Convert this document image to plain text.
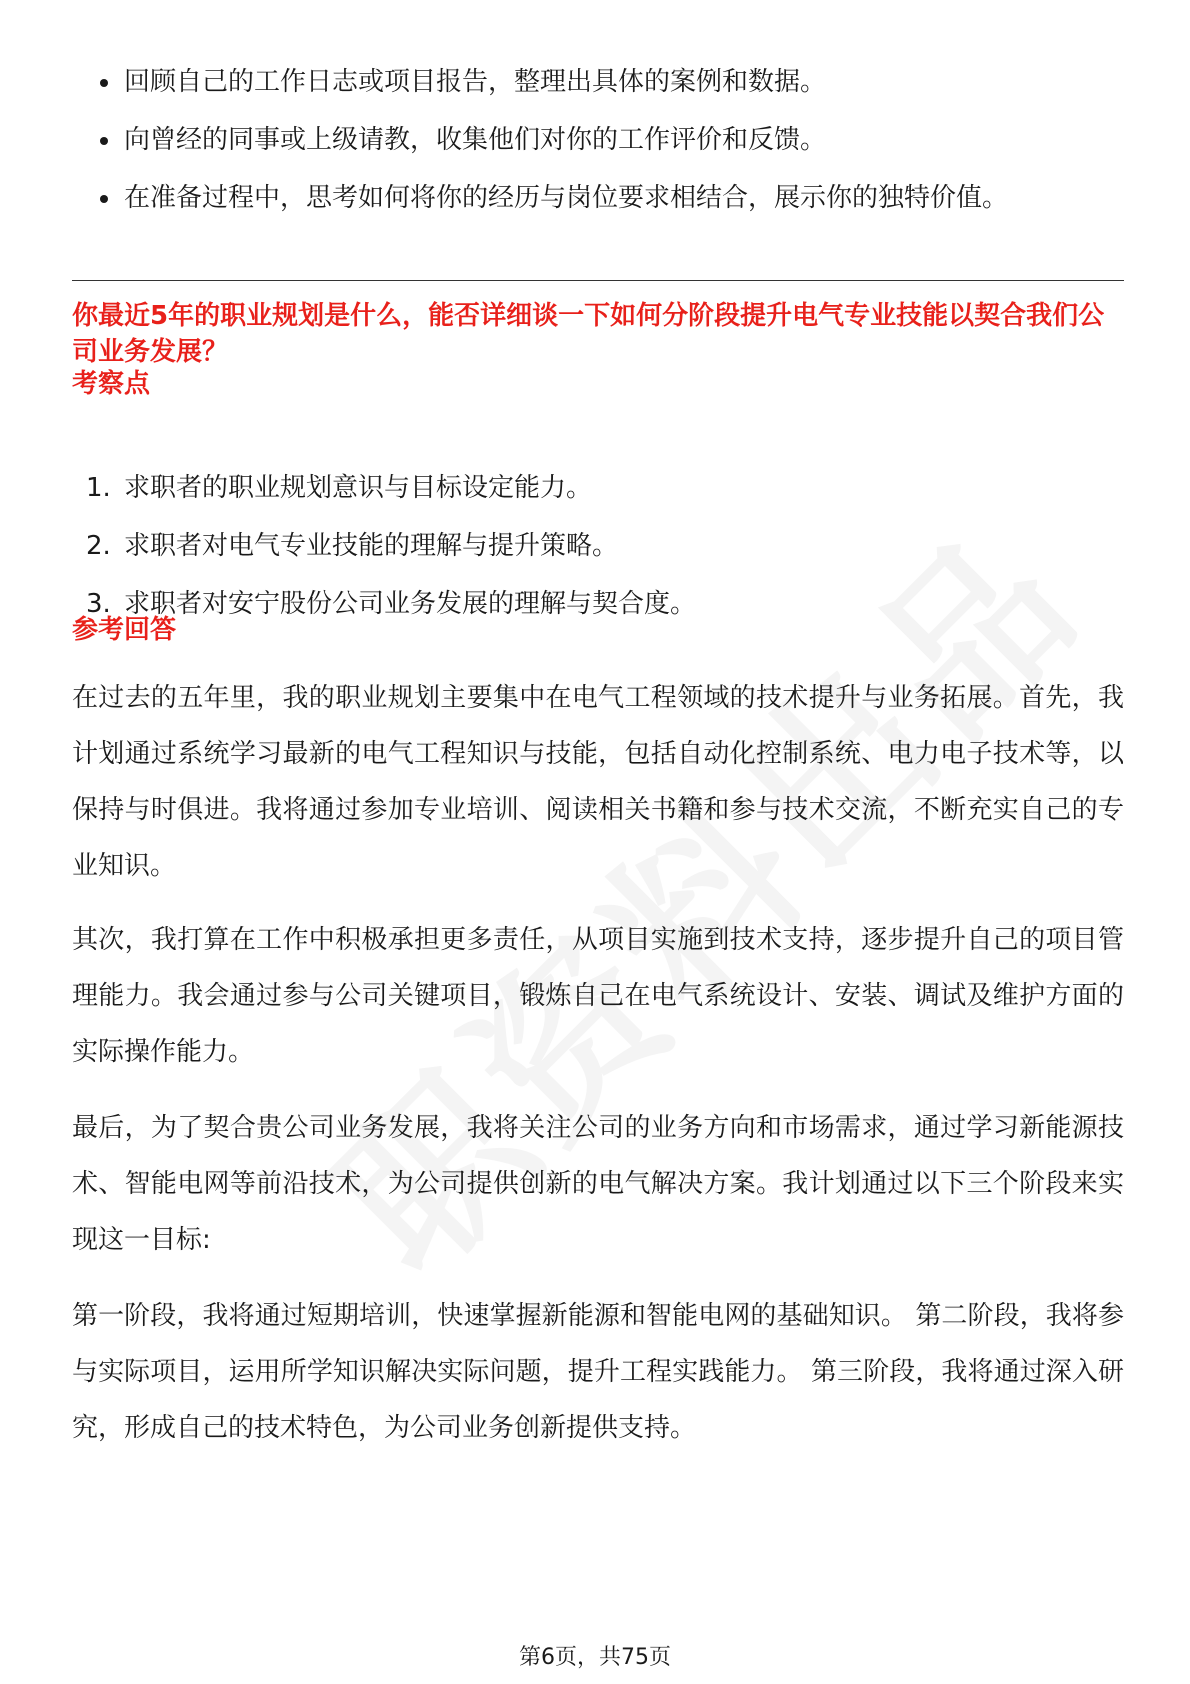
回顾自己的工作日志或项目报告，整理出具体的案例和数据。
向曾经的同事或上级请教，收集他们对你的工作评价和反馈。
在准备过程中，思考如何将你的经历与岗位要求相结合，展示你的独特价值。
你最近5年的职业规划是什么，能否详细谈一下如何分阶段提升电气专业技能以契合我们公司业务发展？
考察点
1. 求职者的职业规划意识与目标设定能力。
2. 求职者对电气专业技能的理解与提升策略。
3. 求职者对安宁股份公司业务发展的理解与契合度。
参考回答

在过去的五年里，我的职业规划主要集中在电气工程领域的技术提升与业务拓展。首先，我计划通过系统学习最新的电气工程知识与技能，包括自动化控制系统、电力电子技术等，以保持与时俱进。我将通过参加专业培训、阅读相关书籍和参与技术交流，不断充实自己的专业知识。

其次，我打算在工作中积极承担更多责任，从项目实施到技术支持，逐步提升自己的项目管理能力。我会通过参与公司关键项目，锻炼自己在电气系统设计、安装、调试及维护方面的实际操作能力。

最后，为了契合贵公司业务发展，我将关注公司的业务方向和市场需求，通过学习新能源技术、智能电网等前沿技术，为公司提供创新的电气解决方案。我计划通过以下三个阶段来实现这一目标:

第一阶段，我将通过短期培训，快速掌握新能源和智能电网的基础知识。 第二阶段，我将参与实际项目，运用所学知识解决实际问题，提升工程实践能力。 第三阶段，我将通过深入研究，形成自己的技术特色，为公司业务创新提供支持。

第6页，共75页
